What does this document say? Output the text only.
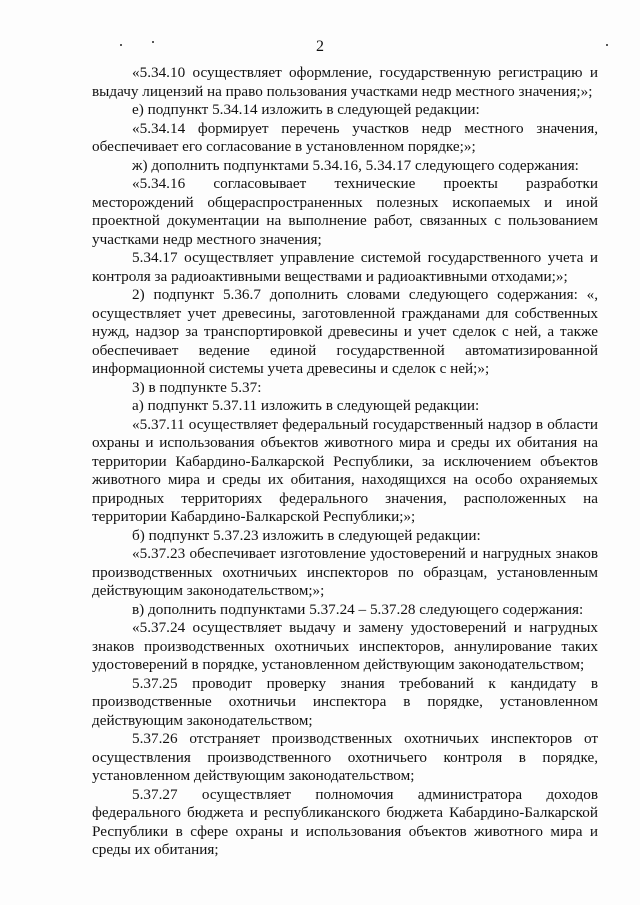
2

«5.34.10 осуществляет оформление, государственную регистрацию и выдачу лицензий на право пользования участками недр местного значения;»;

е) подпункт 5.34.14 изложить в следующей редакции:

«5.34.14 формирует перечень участков недр местного значения, обеспечивает его согласование в установленном порядке;»;

ж) дополнить подпунктами 5.34.16, 5.34.17 следующего содержания:

«5.34.16 согласовывает технические проекты разработки месторождений общераспространенных полезных ископаемых и иной проектной документации на выполнение работ, связанных с пользованием участками недр местного значения;

5.34.17 осуществляет управление системой государственного учета и контроля за радиоактивными веществами и радиоактивными отходами;»;

2) подпункт 5.36.7 дополнить словами следующего содержания: «, осуществляет учет древесины, заготовленной гражданами для собственных нужд, надзор за транспортировкой древесины и учет сделок с ней, а также обеспечивает ведение единой государственной автоматизированной информационной системы учета древесины и сделок с ней;»;

3) в подпункте 5.37:

а) подпункт 5.37.11 изложить в следующей редакции:

«5.37.11 осуществляет федеральный государственный надзор в области охраны и использования объектов животного мира и среды их обитания на территории Кабардино-Балкарской Республики, за исключением объектов животного мира и среды их обитания, находящихся на особо охраняемых природных территориях федерального значения, расположенных на территории Кабардино-Балкарской Республики;»;

б) подпункт 5.37.23 изложить в следующей редакции:

«5.37.23 обеспечивает изготовление удостоверений и нагрудных знаков производственных охотничьих инспекторов по образцам, установленным действующим законодательством;»;

в) дополнить подпунктами 5.37.24 – 5.37.28 следующего содержания:

«5.37.24 осуществляет выдачу и замену удостоверений и нагрудных знаков производственных охотничьих инспекторов, аннулирование таких удостоверений в порядке, установленном действующим законодательством;

5.37.25 проводит проверку знания требований к кандидату в производственные охотничьи инспектора в порядке, установленном действующим законодательством;

5.37.26 отстраняет производственных охотничьих инспекторов от осуществления производственного охотничьего контроля в порядке, установленном действующим законодательством;

5.37.27 осуществляет полномочия администратора доходов федерального бюджета и республиканского бюджета Кабардино-Балкарской Республики в сфере охраны и использования объектов животного мира и среды их обитания;
